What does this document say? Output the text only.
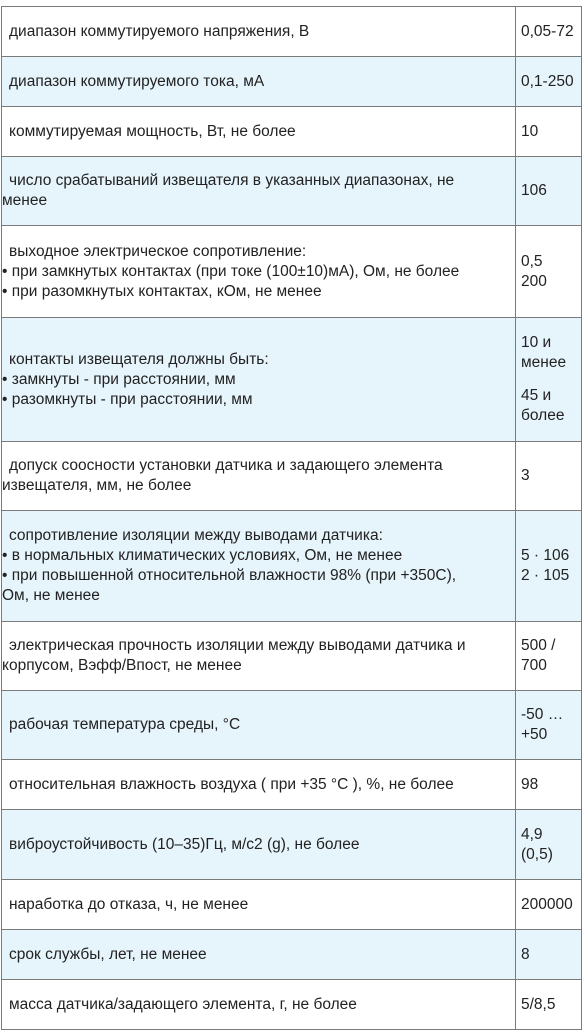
диапазон коммутируемого напряжения, В	0,05-72

диапазон коммутируемого тока, мА	0,1-250

коммутируемая мощность, Вт, не более	10

число срабатываний извещателя в указанных диапазонах, не
менее	106

выходное электрическое сопротивление:
• при замкнутых контактах (при токе (100±10)мА), Ом, не более
• при разомкнутых контактах, кОм, не менее	0,5
200

контакты извещателя должны быть:
• замкнуты - при расстоянии, мм
• разомкнуты - при расстоянии, мм	10 и
менее
45 и
более

допуск соосности установки датчика и задающего элемента
извещателя, мм, не более	3

сопротивление изоляции между выводами датчика:
• в нормальных климатических условиях, Ом, не менее
• при повышенной относительной влажности 98% (при +350С),
Ом, не менее	5 · 106
2 · 105

электрическая прочность изоляции между выводами датчика и
корпусом, Вэфф/Впост, не менее	500 /
700

рабочая температура среды, °С	-50 …
+50

относительная влажность воздуха ( при +35 °С ), %, не более	98

виброустойчивость (10–35)Гц, м/с2 (g), не более	4,9
(0,5)

наработка до отказа, ч, не менее	200000

срок службы, лет, не менее	8

масса датчика/задающего элемента, г, не более	5/8,5
